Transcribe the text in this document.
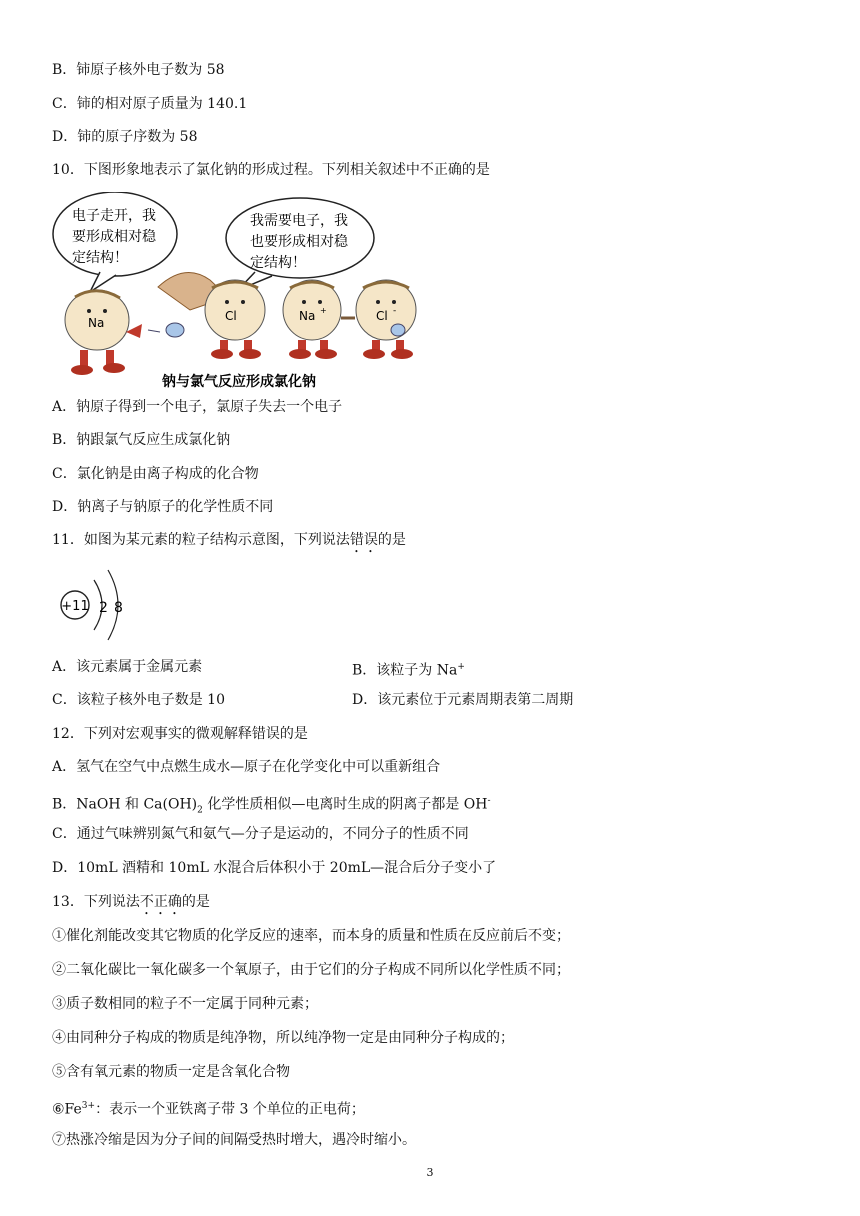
B．铈原子核外电子数为 58
C．铈的相对原子质量为 140.1
D．铈的原子序数为 58
10．下图形象地表示了氯化钠的形成过程。下列相关叙述中不正确的是
电子走开，我
要形成相对稳
定结构！
我需要电子，我
也要形成相对稳
定结构！
Na	Cl	Na +	Cl -
钠与氯气反应形成氯化钠
A．钠原子得到一个电子，氯原子失去一个电子
B．钠跟氯气反应生成氯化钠
C．氯化钠是由离子构成的化合物
D．钠离子与钠原子的化学性质不同
11．如图为某元素的粒子结构示意图，下列说法错误的是
+11 2 8
A．该元素属于金属元素	B．该粒子为 Na+
C．该粒子核外电子数是 10	D．该元素位于元素周期表第二周期
12．下列对宏观事实的微观解释错误的是
A．氢气在空气中点燃生成水—原子在化学变化中可以重新组合
B．NaOH 和 $Ca(OH)_2$ 化学性质相似—电离时生成的阴离子都是 OH-
C．通过气味辨别氮气和氨气—分子是运动的，不同分子的性质不同
D．10mL 酒精和 10mL 水混合后体积小于 20mL—混合后分子变小了
13．下列说法不正确的是
①催化剂能改变其它物质的化学反应的速率，而本身的质量和性质在反应前后不变；
②二氧化碳比一氧化碳多一个氧原子，由于它们的分子构成不同所以化学性质不同；
③质子数相同的粒子不一定属于同种元素；
④由同种分子构成的物质是纯净物，所以纯净物一定是由同种分子构成的；
⑤含有氧元素的物质一定是含氧化合物
$⑥Fe^{3+}$：表示一个亚铁离子带 3 个单位的正电荷；
⑦热涨冷缩是因为分子间的间隔受热时增大，遇冷时缩小。
3
